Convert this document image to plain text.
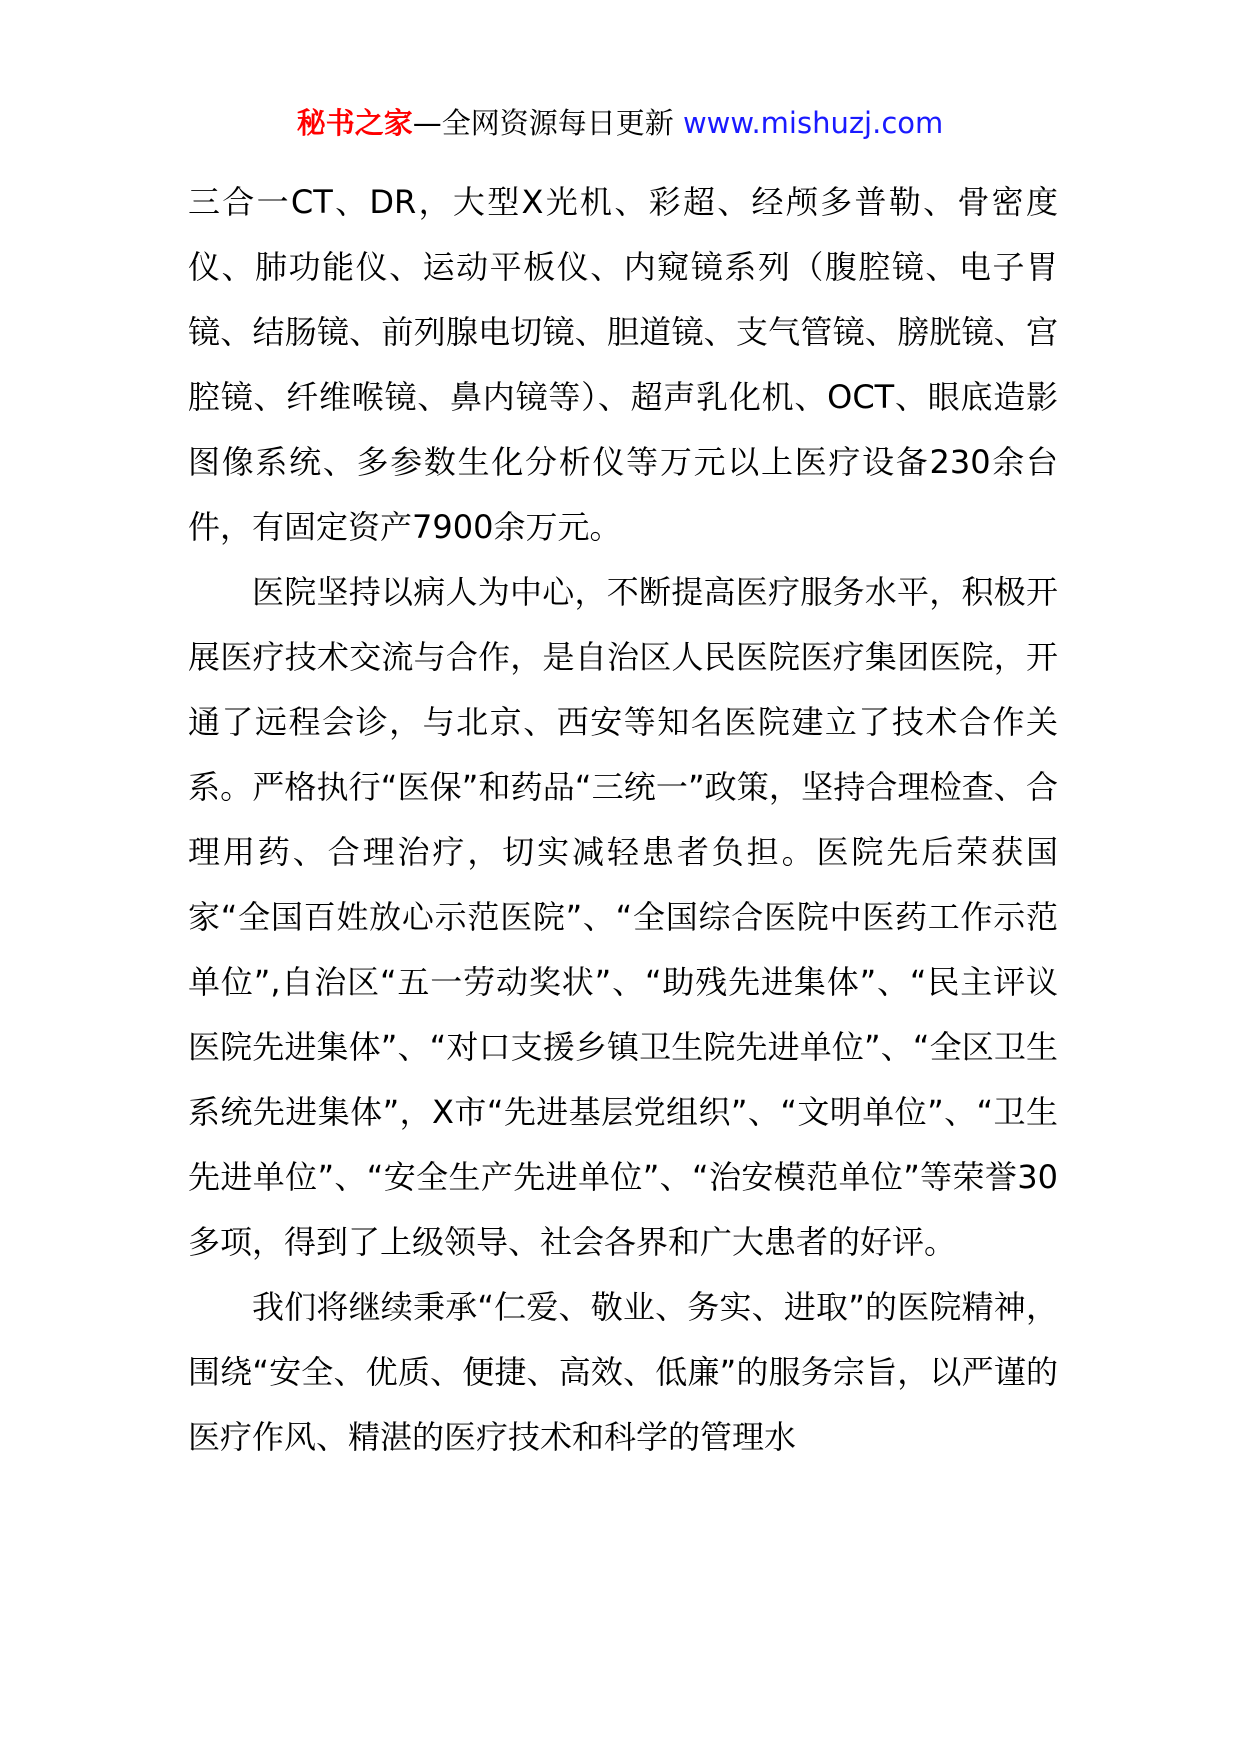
秘书之家—全网资源每日更新 www.mishuzj.com

三合一CT、DR，大型X光机、彩超、经颅多普勒、骨密度仪、肺功能仪、运动平板仪、内窥镜系列（腹腔镜、电子胃镜、结肠镜、前列腺电切镜、胆道镜、支气管镜、膀胱镜、宫腔镜、纤维喉镜、鼻内镜等）、超声乳化机、OCT、眼底造影图像系统、多参数生化分析仪等万元以上医疗设备230余台件，有固定资产7900余万元。

医院坚持以病人为中心，不断提高医疗服务水平，积极开展医疗技术交流与合作，是自治区人民医院医疗集团医院，开通了远程会诊，与北京、西安等知名医院建立了技术合作关系。严格执行“医保”和药品“三统一”政策，坚持合理检查、合理用药、合理治疗，切实减轻患者负担。医院先后荣获国家“全国百姓放心示范医院”、“全国综合医院中医药工作示范单位”,自治区“五一劳动奖状”、“助残先进集体”、“民主评议医院先进集体”、“对口支援乡镇卫生院先进单位”、“全区卫生系统先进集体”，X市“先进基层党组织”、“文明单位”、“卫生先进单位”、“安全生产先进单位”、“治安模范单位”等荣誉30多项，得到了上级领导、社会各界和广大患者的好评。

我们将继续秉承“仁爱、敬业、务实、进取”的医院精神，围绕“安全、优质、便捷、高效、低廉”的服务宗旨，以严谨的医疗作风、精湛的医疗技术和科学的管理水
